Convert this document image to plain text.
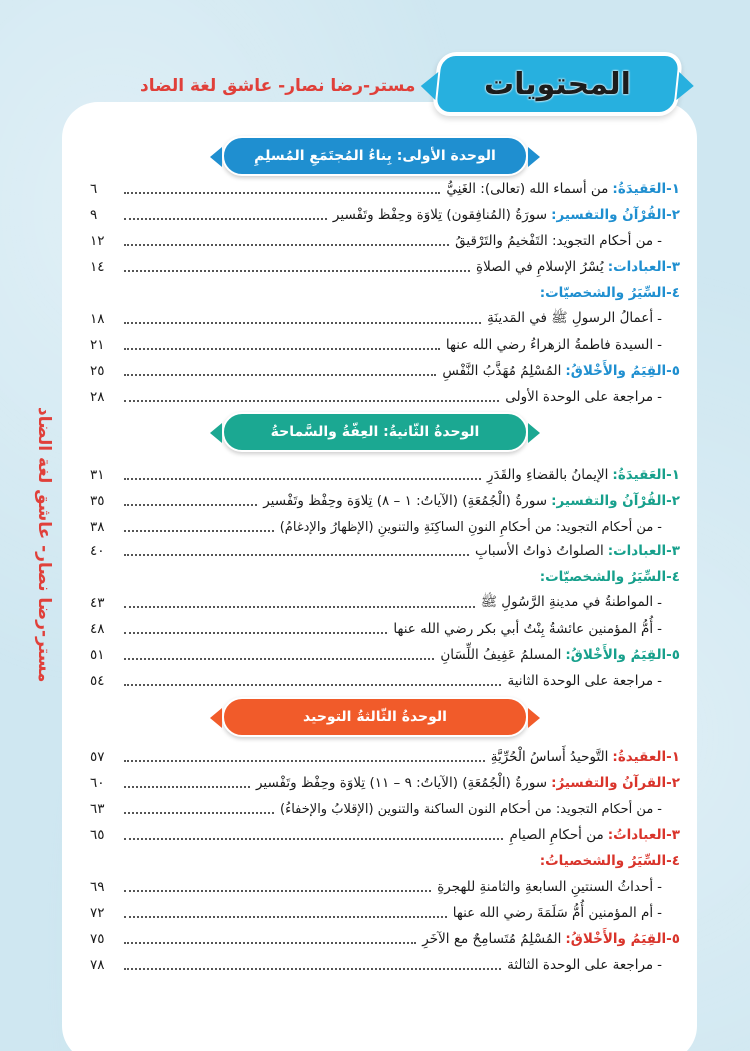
المحتويات
مستر-رضا نصار- عاشق لغة الضاد
مستر-رضا نصار- عاشق لغة الضاد
الوحدة الأولى: بِناءُ المُجتَمَعِ المُسلِمِ
الوحدةُ الثّانيةُ: العِفّةُ والسَّماحةُ
الوحدةُ الثّالثةُ التوحيد
١-العَقيدَةُ:
من أسماء الله (تعالى): الغَنِيُّ
٦
٢-القُرْآنُ والتفسير:
سورَةُ (المُنافِقون) تِلاوَة وحِفْظ وتَفْسير
٩
-
من أحكام التجويد: التَفْخيمُ والتَرْقيقُ
١٢
٣-العبادات:
يُسْرُ الإسلامِ في الصلاةِ
١٤
٤-السِّيَرُ والشخصيّات:
-
أعمالُ الرسولِ ﷺ في المَدينَةِ
١٨
-
السيدة فاطمةُ الزهراءُ رضي الله عنها
٢١
٥-القِيَمُ والأَخْلاقُ:
المُسْلِمُ مُهَذَّبُ النَّفْسِ
٢٥
-
مراجعة على الوحدة الأولى
٢٨
١-العَقيدَةُ:
الإيمانُ بالقضاءِ والقَدَرِ
٣١
٢-القُرْآنُ والتفسير:
سورةُ (الْجُمُعَةِ) (الآياتُ: ١ – ٨) تِلاوَة وحِفْظ وتَفْسير
٣٥
-
من أحكام التجويد: من أحكامِ النونِ الساكِنَةِ والتنوينِ (الإظهارُ والإدغامُ)
٣٨
٣-العبادات:
الصلواتُ ذواتُ الأسبابِ
٤٠
٤-السِّيَرُ والشخصيّات:
-
المواطنةُ في مدينةِ الرَّسُولِ ﷺ
٤٣
-
أُمُّ المؤمنين عائشةُ بِنْتُ أبي بكر رضي الله عنها
٤٨
٥-القِيَمُ والأَخْلاقُ:
المسلمُ عَفِيفُ اللِّسَانِ
٥١
-
مراجعة على الوحدة الثانية
٥٤
١-العقيدةُ:
التَّوحيدُ أَساسُ الْحُرِّيَّةِ
٥٧
٢-القرآنُ والتفسيرُ:
سورةُ (الْجُمُعَةِ) (الآياتُ: ٩ – ١١) تِلاوَة وحِفْظ وتَفْسير
٦٠
-
من أحكام التجويد: من أحكام النون الساكنة والتنوين (الإقلابُ والإخفاءُ)
٦٣
٣-العباداتُ:
من أحكامِ الصيامِ
٦٥
٤-السِّيَرُ والشخصياتُ:
-
أحداثُ السنتينِ السابعةِ والثامنةِ للهجرةِ
٦٩
-
أم المؤمنين أُمُّ سَلَمَةَ رضي الله عنها
٧٢
٥-القِيَمُ والأَخْلاقُ:
المُسْلِمُ مُتَسامِحٌ مع الآخَرِ
٧٥
-
مراجعة على الوحدة الثالثة
٧٨
